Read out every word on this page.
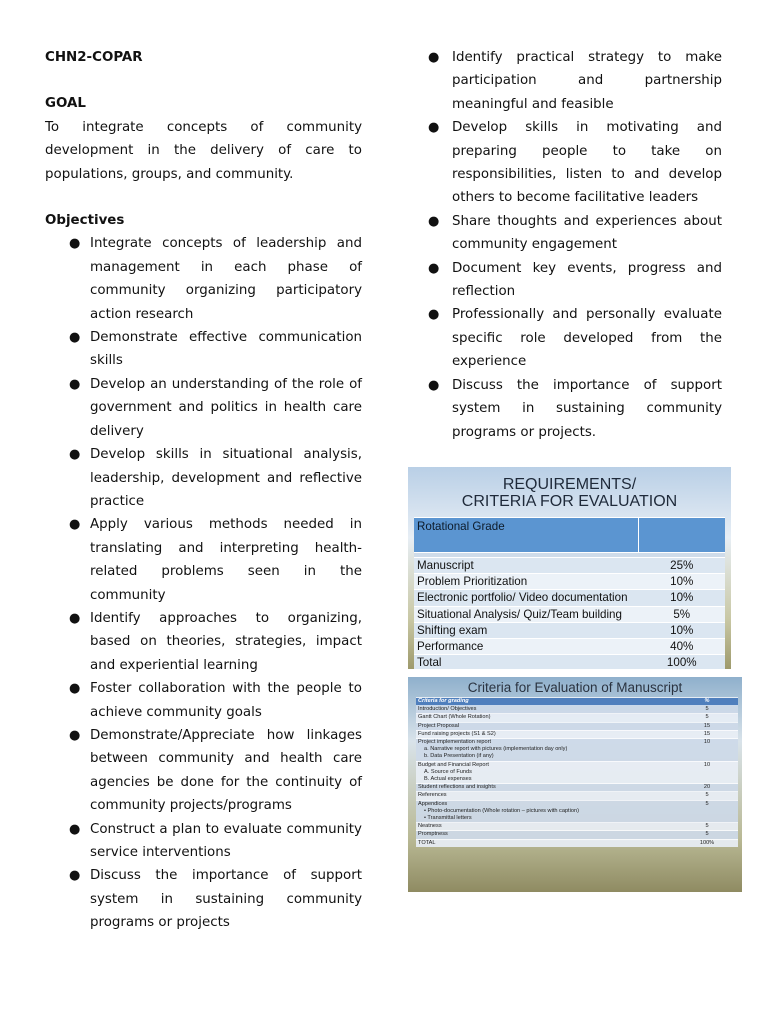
CHN2-COPAR
GOAL

To integrate concepts of community development in the delivery of care to populations, groups, and community.

Objectives
● Integrate concepts of leadership and management in each phase of community organizing participatory action research
● Demonstrate effective communication skills
● Develop an understanding of the role of government and politics in health care delivery
● Develop skills in situational analysis, leadership, development and reflective practice
● Apply various methods needed in translating and interpreting health-related problems seen in the community
● Identify approaches to organizing, based on theories, strategies, impact and experiential learning
● Foster collaboration with the people to achieve community goals
● Demonstrate/Appreciate how linkages between community and health care agencies be done for the continuity of community projects/programs
● Construct a plan to evaluate community service interventions
● Discuss the importance of support system in sustaining community programs or projects
● Identify practical strategy to make participation and partnership meaningful and feasible
● Develop skills in motivating and preparing people to take on responsibilities, listen to and develop others to become facilitative leaders
● Share thoughts and experiences about community engagement
● Document key events, progress and reflection
● Professionally and personally evaluate specific role developed from the experience
● Discuss the importance of support system in sustaining community programs or projects.
REQUIREMENTS/
CRITERIA FOR EVALUATION
Rotational Grade	

Manuscript	25%
Problem Prioritization	10%
Electronic portfolio/ Video documentation	10%
Situational Analysis/ Quiz/Team building	5%
Shifting exam	10%
Performance	40%
Total	100%
Criteria for Evaluation of Manuscript
Criteria for grading	%
Introduction/ Objectives	5
Gantt Chart (Whole Rotation)	5
Project Proposal	15
Fund raising projects (S1 & S2)	15
Project implementation report
a. Narrative report with pictures (implementation day only)
b. Data Presentation (if any)	10
Budget and Financial Report
A. Source of Funds
B. Actual expenses	10
Student reflections and insights	20
References	5
Appendices
• Photo-documentation (Whole rotation – pictures with caption)
• Transmittal letters	5
Neatness	5
Promptness	5
TOTAL	100%
